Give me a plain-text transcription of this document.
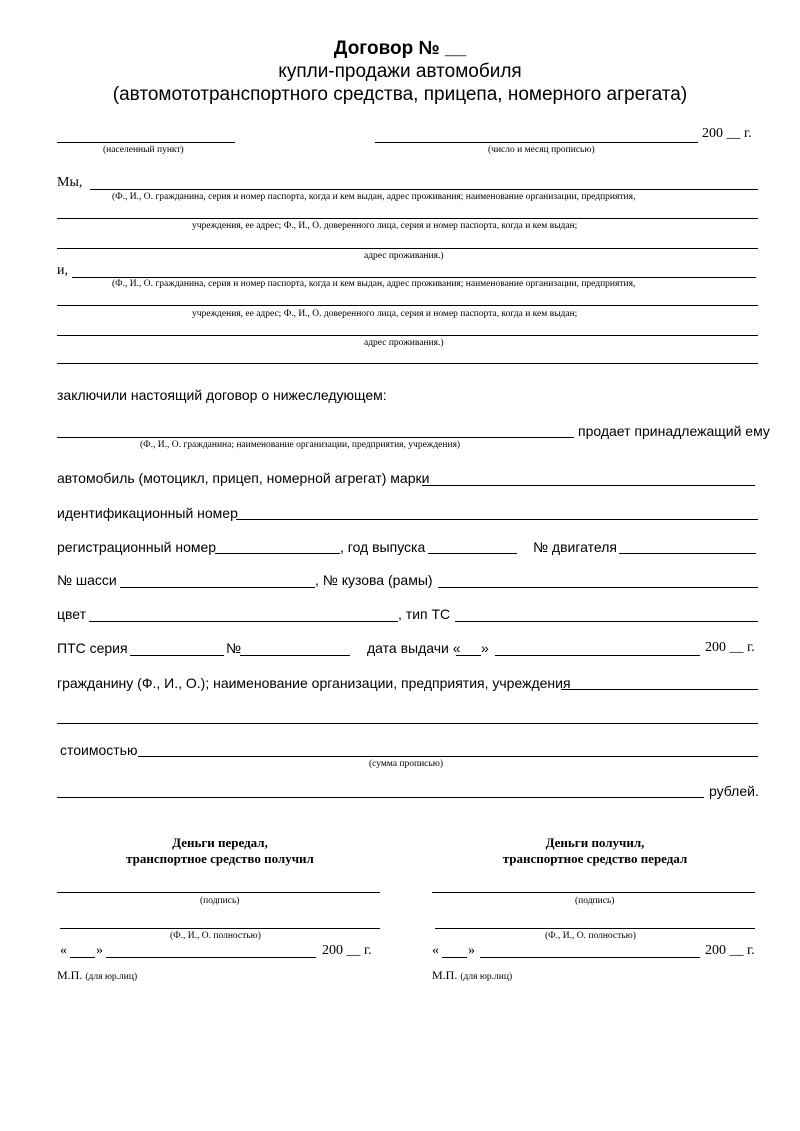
Договор № __
купли-продажи автомобиля
(автомототранспортного средства, прицепа, номерного агрегата)
200 __ г.
(населенный пункт)	(число и месяц прописью)
Мы,
(Ф., И., О. гражданина, серия и номер паспорта, когда и кем выдан, адрес проживания; наименование организации, предприятия,
учреждения, ее адрес; Ф., И., О. доверенного лица, серия и номер паспорта, когда и кем выдан;
адрес проживания.)
и,
(Ф., И., О. гражданина, серия и номер паспорта, когда и кем выдан, адрес проживания; наименование организации, предприятия,
учреждения, ее адрес; Ф., И., О. доверенного лица, серия и номер паспорта, когда и кем выдан;
адрес проживания.)
заключили настоящий договор о нижеследующем:
продает принадлежащий ему
(Ф., И., О. гражданина; наименование организации, предприятия, учреждения)
автомобиль (мотоцикл, прицеп, номерной агрегат) марки
идентификационный номер
регистрационный номер	, год выпуска	№ двигателя
№ шасси	, № кузова (рамы)
цвет	, тип ТС
ПТС серия	№	дата выдачи « »	200 __ г.
гражданину (Ф., И., О.); наименование организации, предприятия, учреждения
стоимостью
(сумма прописью)
рублей.
Деньги передал,
транспортное средство получил
(подпись)
(Ф., И., О. полностью)
« »	200 __ г.
М.П. (для юр.лиц)
Деньги получил,
транспортное средство передал
(подпись)
(Ф., И., О. полностью)
« »	200 __ г.
М.П. (для юр.лиц)
